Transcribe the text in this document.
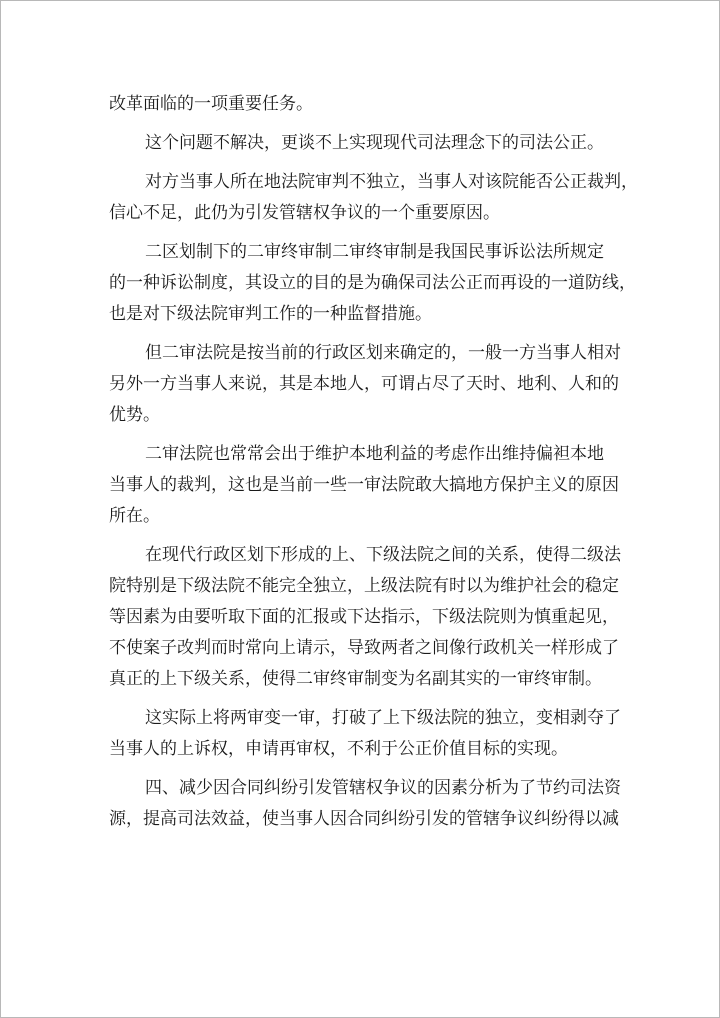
改革面临的一项重要任务。
这个问题不解决，更谈不上实现现代司法理念下的司法公正。
对方当事人所在地法院审判不独立，当事人对该院能否公正裁判，
信心不足，此仍为引发管辖权争议的一个重要原因。
二区划制下的二审终审制二审终审制是我国民事诉讼法所规定
的一种诉讼制度，其设立的目的是为确保司法公正而再设的一道防线，
也是对下级法院审判工作的一种监督措施。
但二审法院是按当前的行政区划来确定的，一般一方当事人相对
另外一方当事人来说，其是本地人，可谓占尽了天时、地利、人和的
优势。
二审法院也常常会出于维护本地利益的考虑作出维持偏袒本地
当事人的裁判，这也是当前一些一审法院敢大搞地方保护主义的原因
所在。
在现代行政区划下形成的上、下级法院之间的关系，使得二级法
院特别是下级法院不能完全独立，上级法院有时以为维护社会的稳定
等因素为由要听取下面的汇报或下达指示，下级法院则为慎重起见，
不使案子改判而时常向上请示，导致两者之间像行政机关一样形成了
真正的上下级关系，使得二审终审制变为名副其实的一审终审制。
这实际上将两审变一审，打破了上下级法院的独立，变相剥夺了
当事人的上诉权，申请再审权，不利于公正价值目标的实现。
四、减少因合同纠纷引发管辖权争议的因素分析为了节约司法资
源，提高司法效益，使当事人因合同纠纷引发的管辖争议纠纷得以减
